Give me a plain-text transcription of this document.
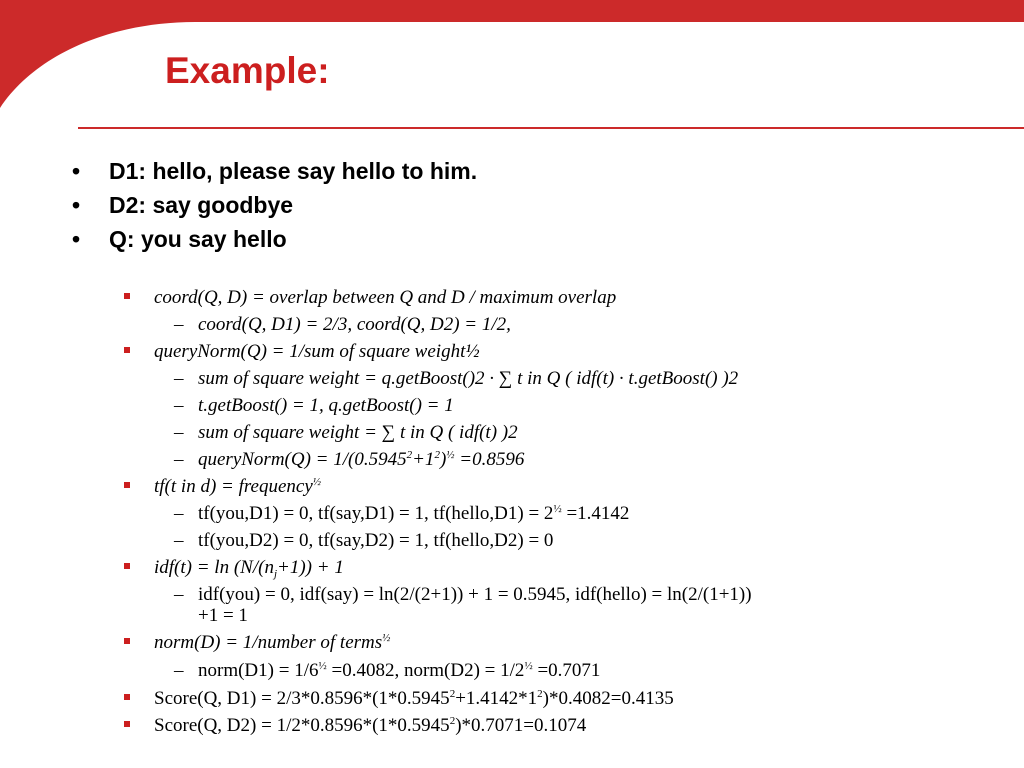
Example:
• D1: hello, please say hello to him.
• D2: say goodbye
• Q: you say hello
coord(Q, D) = overlap between Q and D / maximum overlap
– coord(Q, D1) = 2/3, coord(Q, D2) = 1/2,
queryNorm(Q) = 1/sum of square weight½
– sum of square weight = q.getBoost()2 · ∑ t in Q ( idf(t) · t.getBoost() )2
– t.getBoost() = 1, q.getBoost() = 1
– sum of square weight = ∑ t in Q ( idf(t) )2
– queryNorm(Q) = $1/(0.5945^2+1^2)^{\frac{1}{2}} =0.8596$
tf(t in d) = frequency$^{\frac{1}{2}}$
– tf(you,D1) = 0, tf(say,D1) = 1, tf(hello,D1) = $2^{\frac{1}{2}} =1.4142$
– tf(you,D2) = 0, tf(say,D2) = 1, tf(hello,D2) = 0
$idf(t) = \ln (N/(n_j+1)) + 1$
– idf(you) = 0, idf(say) = ln(2/(2+1)) + 1 = 0.5945, idf(hello) = ln(2/(1+1))
+1 = 1
norm(D) = 1/number of terms$^{\frac{1}{2}}$
– norm(D1) = $1/6^{\frac{1}{2}} =0.4082$, norm(D2) = $1/2^{\frac{1}{2}} =0.7071$
Score(Q, $D1) = 2/3*0.8596*(1*0.5945^2+1.4142*1^2)*0.4082=0.4135$
Score(Q, $D2) = 1/2*0.8596*(1*0.5945^2)*0.7071=0.1074$
